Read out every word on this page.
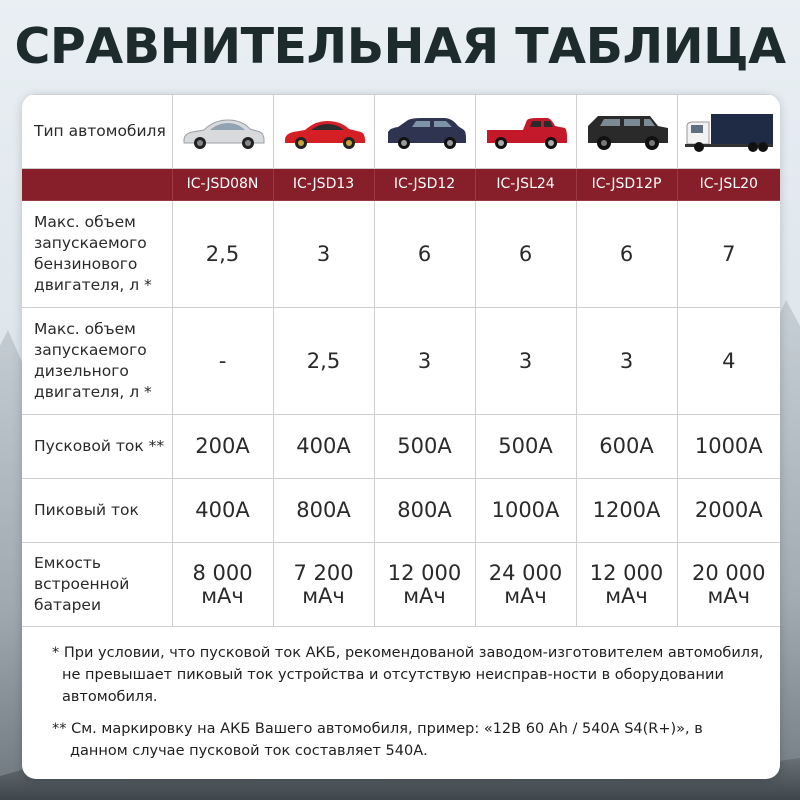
СРАВНИТЕЛЬНАЯ ТАБЛИЦА
Тип автомобиля	

	IC-JSD08N	IC-JSD13	IC-JSD12	IC-JSL24	IC-JSD12P	IC-JSL20
Макс. объем запускаемого бензинового двигателя, л *	2,5	3	6	6	6	7
Макс. объем запускаемого дизельного двигателя, л *	-	2,5	3	3	3	4
Пусковой ток **	200A	400A	500A	500A	600A	1000A
Пиковый ток	400A	800A	800A	1000A	1200A	2000A
Емкость встроенной батареи	8 000 мАч	7 200 мАч	12 000 мАч	24 000 мАч	12 000 мАч	20 000 мАч

* При условии, что пусковой ток АКБ, рекомендованой заводом-изготовителем автомобиля, не превышает пиковый ток устройства и отсутствую неисправ-ности в оборудовании автомобиля.

** См. маркировку на АКБ Вашего автомобиля, пример: «12В 60 Ah / 540А S4(R+)», в данном случае пусковой ток составляет 540А.
